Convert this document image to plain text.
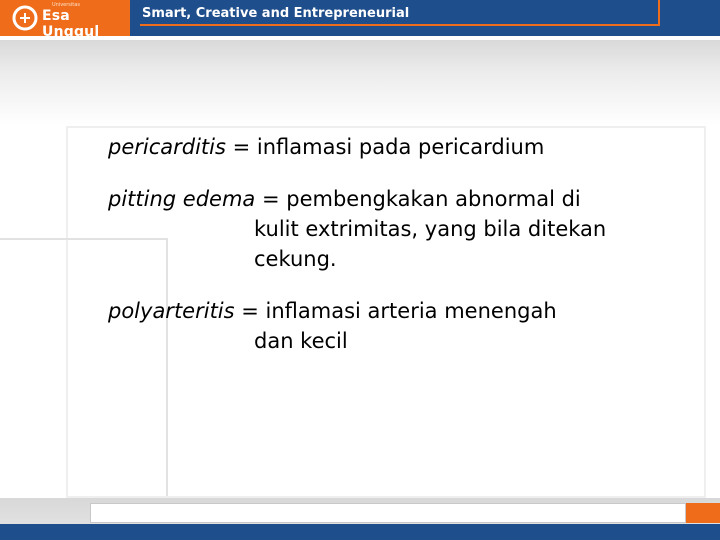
Universitas
Esa Unggul
Smart, Creative and Entrepreneurial
pericarditis = inflamasi pada pericardium
pitting edema = pembengkakan abnormal di
kulit extrimitas, yang bila ditekan
cekung.
polyarteritis = inflamasi arteria menengah
dan kecil
